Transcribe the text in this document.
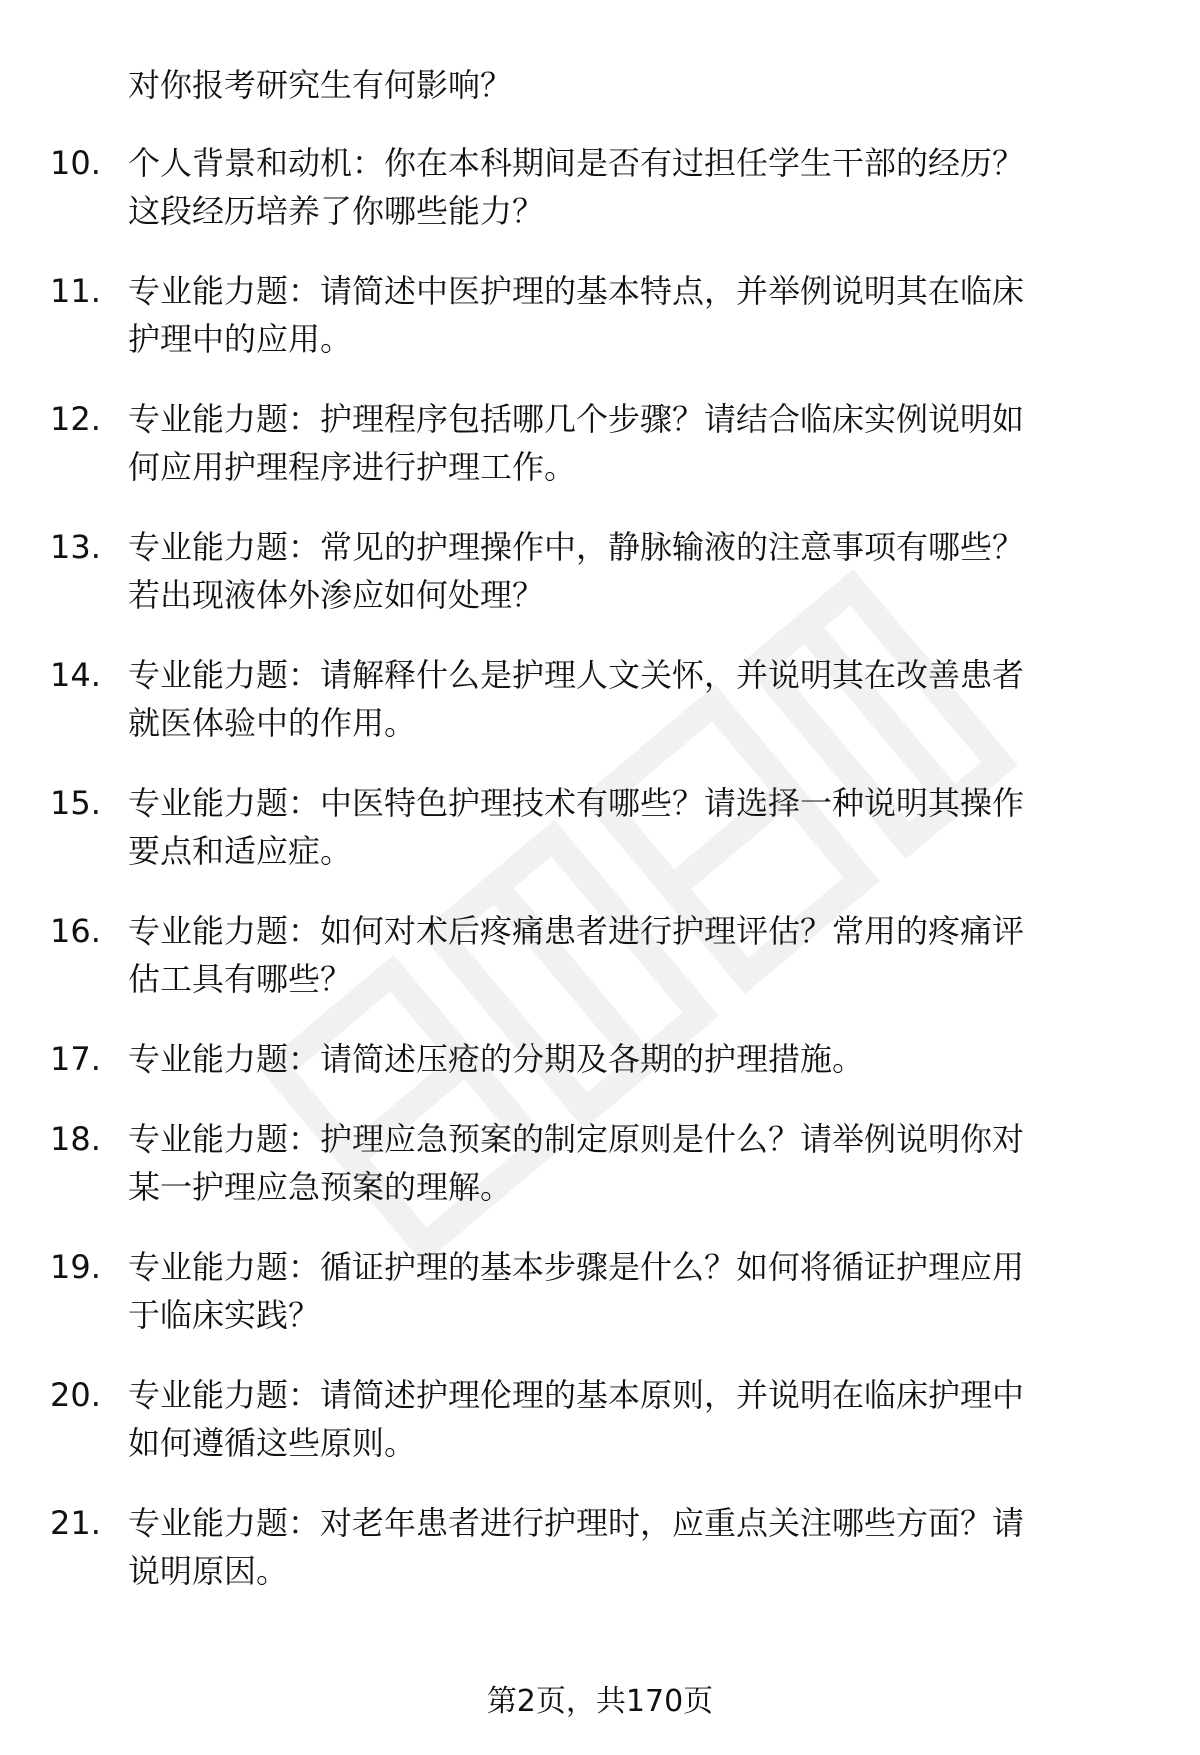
对你报考研究生有何影响？

10. 个人背景和动机：你在本科期间是否有过担任学生干部的经历？

这段经历培养了你哪些能力？

11. 专业能力题：请简述中医护理的基本特点，并举例说明其在临床

护理中的应用。

12. 专业能力题：护理程序包括哪几个步骤？请结合临床实例说明如

何应用护理程序进行护理工作。

13. 专业能力题：常见的护理操作中，静脉输液的注意事项有哪些？

若出现液体外渗应如何处理？

14. 专业能力题：请解释什么是护理人文关怀，并说明其在改善患者

就医体验中的作用。

15. 专业能力题：中医特色护理技术有哪些？请选择一种说明其操作

要点和适应症。

16. 专业能力题：如何对术后疼痛患者进行护理评估？常用的疼痛评

估工具有哪些？

17. 专业能力题：请简述压疮的分期及各期的护理措施。

18. 专业能力题：护理应急预案的制定原则是什么？请举例说明你对

某一护理应急预案的理解。

19. 专业能力题：循证护理的基本步骤是什么？如何将循证护理应用

于临床实践？

20. 专业能力题：请简述护理伦理的基本原则，并说明在临床护理中

如何遵循这些原则。

21. 专业能力题：对老年患者进行护理时，应重点关注哪些方面？请

说明原因。

第2页，共170页
